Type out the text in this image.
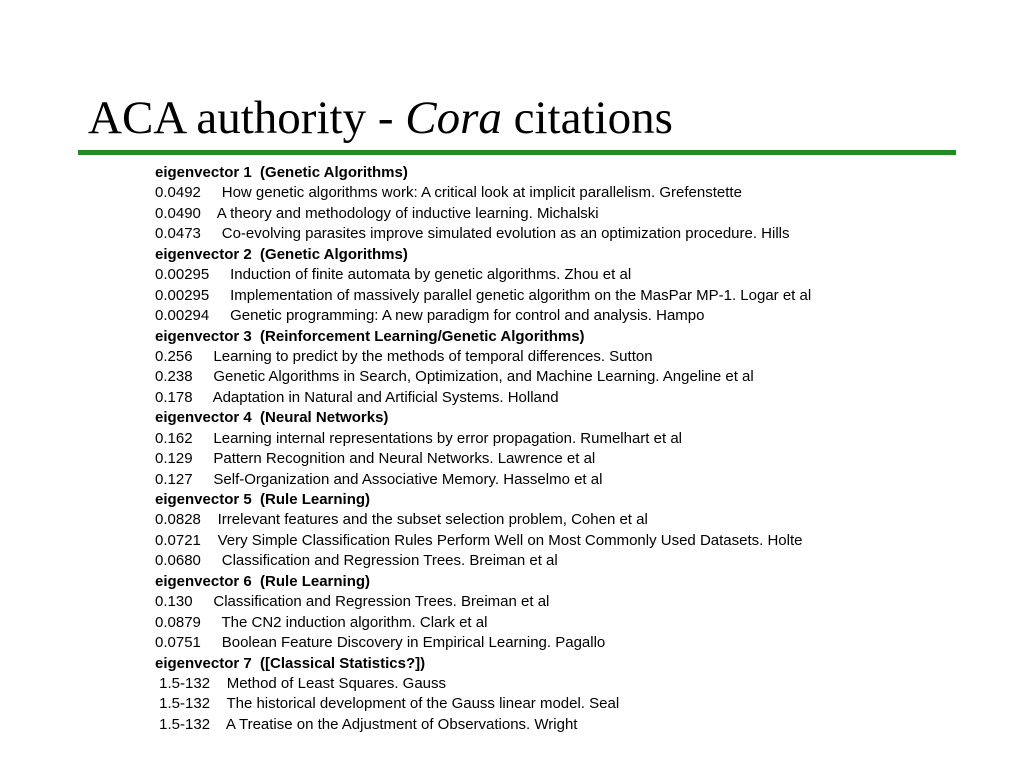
ACA authority - Cora citations
eigenvector 1  (Genetic Algorithms)
0.0492 How genetic algorithms work: A critical look at implicit parallelism. Grefenstette
0.0490 A theory and methodology of inductive learning. Michalski
0.0473 Co-evolving parasites improve simulated evolution as an optimization procedure. Hills
eigenvector 2  (Genetic Algorithms)
0.00295 Induction of finite automata by genetic algorithms. Zhou et al
0.00295 Implementation of massively parallel genetic algorithm on the MasPar MP-1. Logar et al
0.00294 Genetic programming: A new paradigm for control and analysis. Hampo
eigenvector 3  (Reinforcement Learning/Genetic Algorithms)
0.256 Learning to predict by the methods of temporal differences. Sutton
0.238 Genetic Algorithms in Search, Optimization, and Machine Learning. Angeline et al
0.178 Adaptation in Natural and Artificial Systems. Holland
eigenvector 4  (Neural Networks)
0.162 Learning internal representations by error propagation. Rumelhart et al
0.129 Pattern Recognition and Neural Networks. Lawrence et al
0.127 Self-Organization and Associative Memory. Hasselmo et al
eigenvector 5  (Rule Learning)
0.0828 Irrelevant features and the subset selection problem, Cohen et al
0.0721 Very Simple Classification Rules Perform Well on Most Commonly Used Datasets. Holte
0.0680 Classification and Regression Trees. Breiman et al
eigenvector 6  (Rule Learning)
0.130 Classification and Regression Trees. Breiman et al
0.0879 The CN2 induction algorithm. Clark et al
0.0751 Boolean Feature Discovery in Empirical Learning. Pagallo
eigenvector 7  ([Classical Statistics?])
1.5-132 Method of Least Squares. Gauss
1.5-132 The historical development of the Gauss linear model. Seal
1.5-132 A Treatise on the Adjustment of Observations. Wright
